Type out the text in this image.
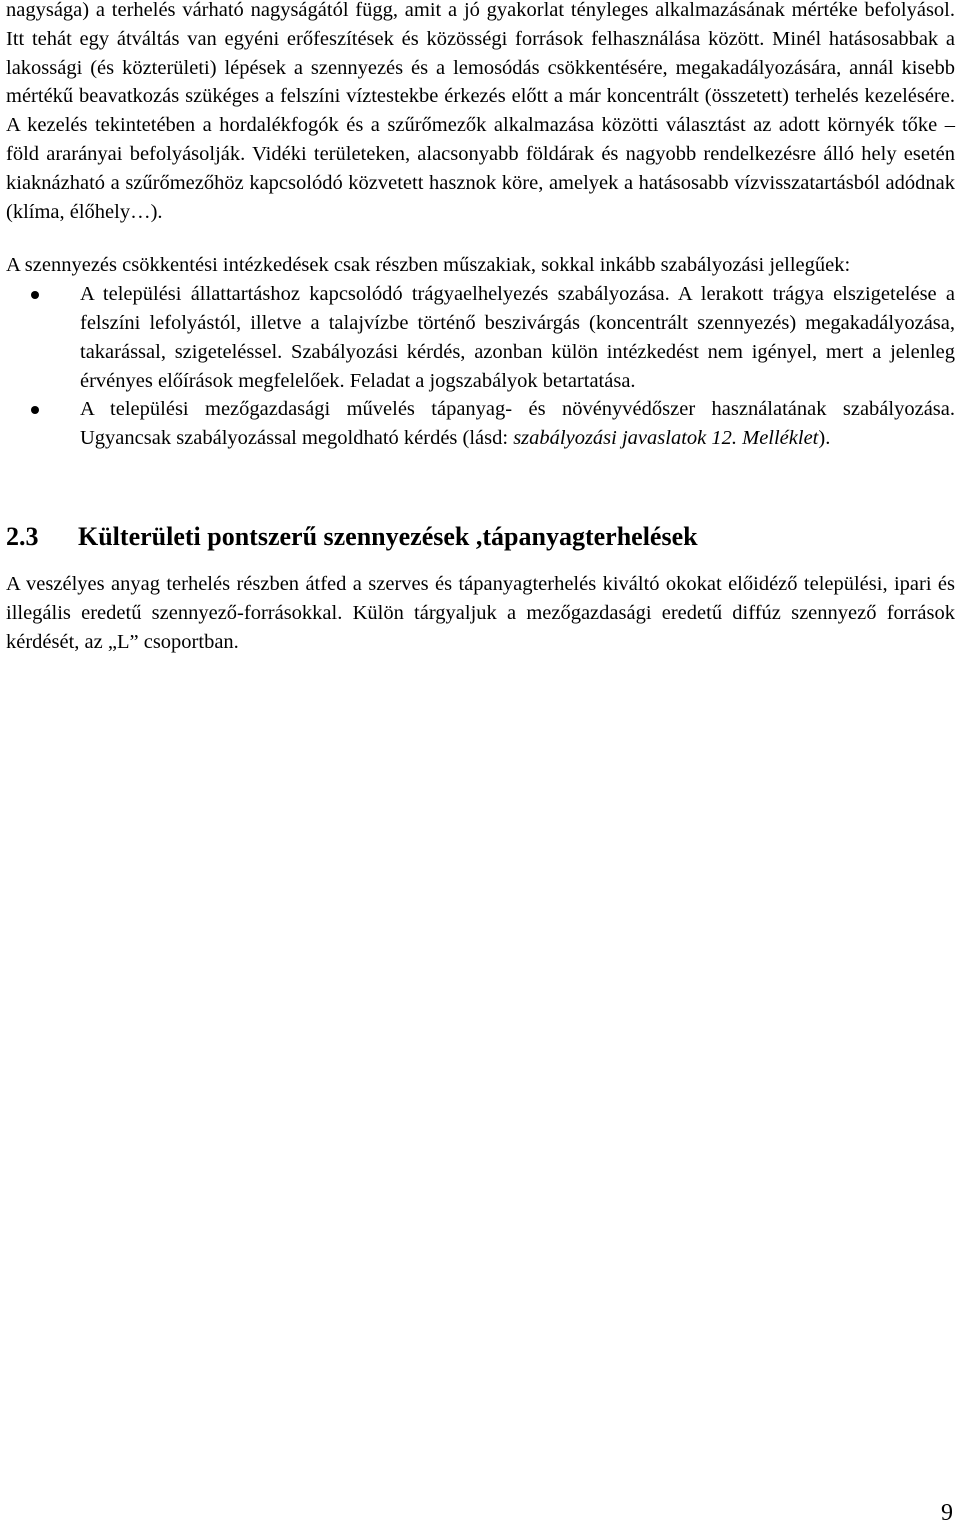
nagysága) a terhelés várható nagyságától függ, amit a jó gyakorlat tényleges alkalmazásának mértéke befolyásol. Itt tehát egy átváltás van egyéni erőfeszítések és közösségi források felhasználása között. Minél hatásosabbak a lakossági (és közterületi) lépések a szennyezés és a lemosódás csökkentésére, megakadályozására, annál kisebb mértékű beavatkozás szükéges a felszíni víztestekbe érkezés előtt a már koncentrált (összetett) terhelés kezelésére. A kezelés tekintetében a hordalékfogók és a szűrőmezők alkalmazása közötti választást az adott környék tőke – föld ararányai befolyásolják. Vidéki területeken, alacsonyabb földárak és nagyobb rendelkezésre álló hely esetén kiaknázható a szűrőmezőhöz kapcsolódó közvetett hasznok köre, amelyek a hatásosabb vízvisszatartásból adódnak (klíma, élőhely…).

A szennyezés csökkentési intézkedések csak részben műszakiak, sokkal inkább szabályozási jellegűek:

A települési állattartáshoz kapcsolódó trágyaelhelyezés szabályozása. A lerakott trágya elszigetelése a felszíni lefolyástól, illetve a talajvízbe történő beszivárgás (koncentrált szennyezés) megakadályozása, takarással, szigeteléssel. Szabályozási kérdés, azonban külön intézkedést nem igényel, mert a jelenleg érvényes előírások megfelelőek. Feladat a jogszabályok betartatása.
A települési mezőgazdasági művelés tápanyag- és növényvédőszer használatának szabályozása. Ugyancsak szabályozással megoldható kérdés (lásd: szabályozási javaslatok 12. Melléklet).
2.3 Külterületi pontszerű szennyezések ,tápanyagterhelések

A veszélyes anyag terhelés részben átfed a szerves és tápanyagterhelés kiváltó okokat előidéző települési, ipari és illegális eredetű szennyező-forrásokkal. Külön tárgyaljuk a mezőgazdasági eredetű diffúz szennyező források kérdését, az „L” csoportban.

9
